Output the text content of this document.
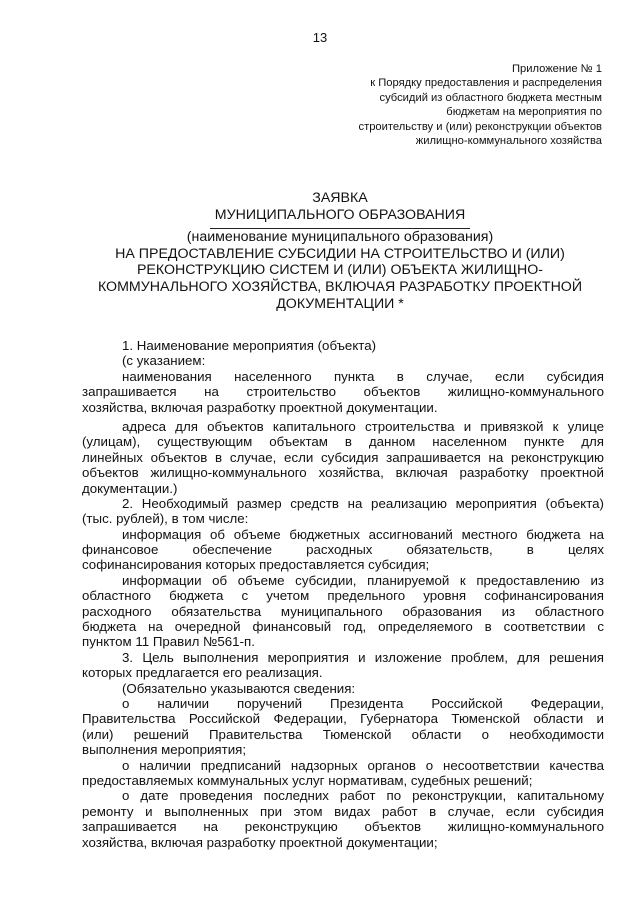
13
Приложение № 1
к Порядку предоставления и распределения
субсидий из областного бюджета местным
бюджетам на мероприятия по
строительству и (или) реконструкции объектов
жилищно-коммунального хозяйства
ЗАЯВКА
МУНИЦИПАЛЬНОГО ОБРАЗОВАНИЯ
(наименование муниципального образования)
НА ПРЕДОСТАВЛЕНИЕ СУБСИДИИ НА СТРОИТЕЛЬСТВО И (ИЛИ)
РЕКОНСТРУКЦИЮ СИСТЕМ И (ИЛИ) ОБЪЕКТА ЖИЛИЩНО-
КОММУНАЛЬНОГО ХОЗЯЙСТВА, ВКЛЮЧАЯ РАЗРАБОТКУ ПРОЕКТНОЙ
ДОКУМЕНТАЦИИ *
1. Наименование мероприятия (объекта)
(с указанием:
наименования населенного пункта в случае, если субсидия
запрашивается на строительство объектов жилищно-коммунального
хозяйства, включая разработку проектной документации.
адреса для объектов капитального строительства и привязкой к улице
(улицам), существующим объектам в данном населенном пункте для
линейных объектов в случае, если субсидия запрашивается на реконструкцию
объектов жилищно-коммунального хозяйства, включая разработку проектной
документации.)
2. Необходимый размер средств на реализацию мероприятия (объекта)
(тыс. рублей), в том числе:
информация об объеме бюджетных ассигнований местного бюджета на
финансовое обеспечение расходных обязательств, в целях
софинансирования которых предоставляется субсидия;
информации об объеме субсидии, планируемой к предоставлению из
областного бюджета с учетом предельного уровня софинансирования
расходного обязательства муниципального образования из областного
бюджета на очередной финансовый год, определяемого в соответствии с
пунктом 11 Правил №561-п.
3. Цель выполнения мероприятия и изложение проблем, для решения
которых предлагается его реализация.
(Обязательно указываются сведения:
о наличии поручений Президента Российской Федерации,
Правительства Российской Федерации, Губернатора Тюменской области и
(или) решений Правительства Тюменской области о необходимости
выполнения мероприятия;
о наличии предписаний надзорных органов о несоответствии качества
предоставляемых коммунальных услуг нормативам, судебных решений;
о дате проведения последних работ по реконструкции, капитальному
ремонту и выполненных при этом видах работ в случае, если субсидия
запрашивается на реконструкцию объектов жилищно-коммунального
хозяйства, включая разработку проектной документации;
